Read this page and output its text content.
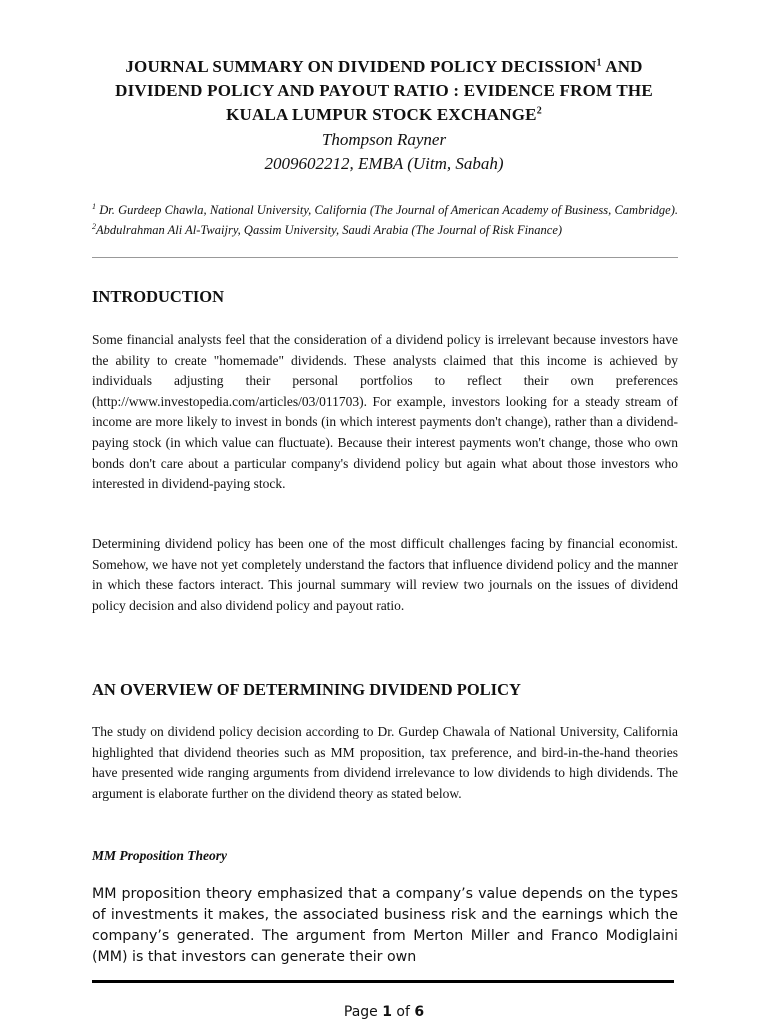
JOURNAL SUMMARY ON DIVIDEND POLICY DECISSION$^1$ AND
DIVIDEND POLICY AND PAYOUT RATIO : EVIDENCE FROM THE
KUALA LUMPUR STOCK EXCHANGE$^2$

Thompson Rayner

2009602212, EMBA (Uitm, Sabah)

$^1$ Dr. Gurdeep Chawla, National University, California (The Journal of American Academy of Business, Cambridge). $^2$Abdulrahman Ali Al-Twaijry, Qassim University, Saudi Arabia (The Journal of Risk Finance)

INTRODUCTION

Some financial analysts feel that the consideration of a dividend policy is irrelevant because investors have the ability to create "homemade" dividends. These analysts claimed that this income is achieved by individuals adjusting their personal portfolios to reflect their own preferences (http://www.investopedia.com/articles/03/011703). For example, investors looking for a steady stream of income are more likely to invest in bonds (in which interest payments don't change), rather than a dividend-paying stock (in which value can fluctuate). Because their interest payments won't change, those who own bonds don't care about a particular company's dividend policy but again what about those investors who interested in dividend-paying stock.

Determining dividend policy has been one of the most difficult challenges facing by financial economist. Somehow, we have not yet completely understand the factors that influence dividend policy and the manner in which these factors interact. This journal summary will review two journals on the issues of dividend policy decision and also dividend policy and payout ratio.

AN OVERVIEW OF DETERMINING DIVIDEND POLICY

The study on dividend policy decision according to Dr. Gurdep Chawala of National University, California highlighted that dividend theories such as MM proposition, tax preference, and bird-in-the-hand theories have presented wide ranging arguments from dividend irrelevance to low dividends to high dividends. The argument is elaborate further on the dividend theory as stated below.

MM Proposition Theory

MM proposition theory emphasized that a company’s value depends on the types of investments it makes, the associated business risk and the earnings which the company’s generated. The argument from Merton Miller and Franco Modiglaini (MM) is that investors can generate their own

Page 1 of 6
